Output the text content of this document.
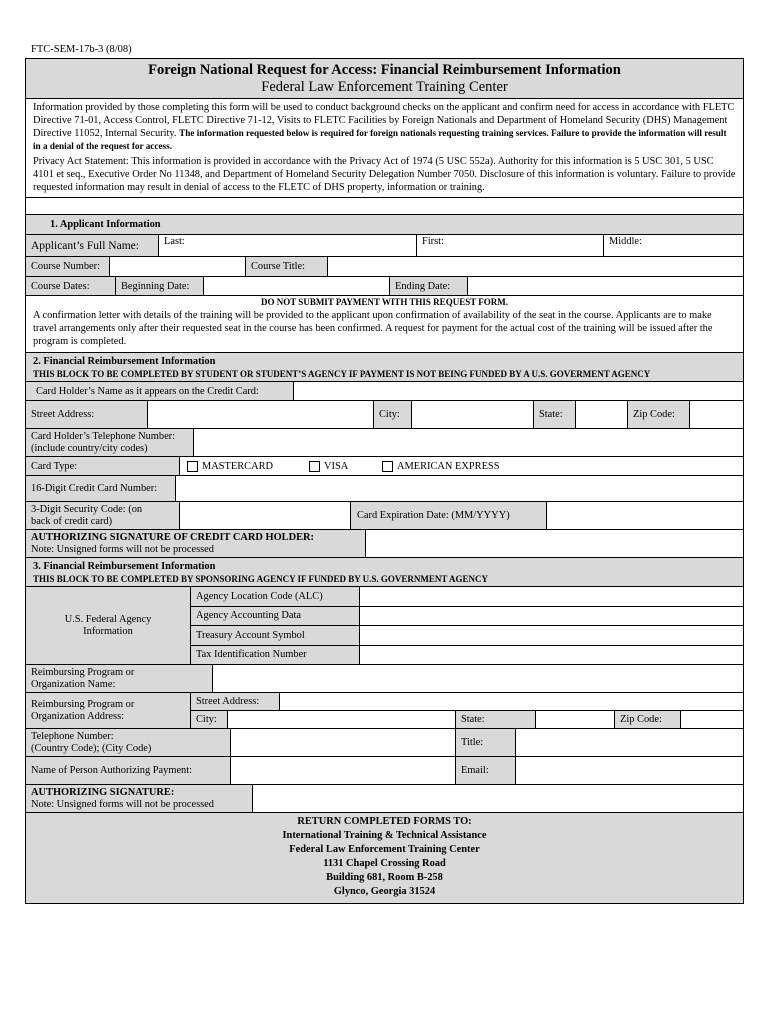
FTC-SEM-17b-3 (8/08)
Foreign National Request for Access: Financial Reimbursement Information
Federal Law Enforcement Training Center
Information provided by those completing this form will be used to conduct background checks on the applicant and confirm need for access in accordance with FLETC Directive 71-01, Access Control, FLETC Directive 71-12, Visits to FLETC Facilities by Foreign Nationals and Department of Homeland Security (DHS) Management Directive 11052, Internal Security. The information requested below is required for foreign nationals requesting training services. Failure to provide the information will result in a denial of the request for access.
Privacy Act Statement: This information is provided in accordance with the Privacy Act of 1974 (5 USC 552a). Authority for this information is 5 USC 301, 5 USC 4101 et seq., Executive Order No 11348, and Department of Homeland Security Delegation Number 7050. Disclosure of this information is voluntary. Failure to provide requested information may result in denial of access to the FLETC of DHS property, information or training.
1. Applicant Information
Applicant’s Full Name:	Last:	First:	Middle:
Course Number:	Course Title:
Course Dates:	Beginning Date:	Ending Date:
DO NOT SUBMIT PAYMENT WITH THIS REQUEST FORM.
A confirmation letter with details of the training will be provided to the applicant upon confirmation of availability of the seat in the course. Applicants are to make travel arrangements only after their requested seat in the course has been confirmed. A request for payment for the actual cost of the training will be issued after the program is completed.
2. Financial Reimbursement Information
THIS BLOCK TO BE COMPLETED BY STUDENT OR STUDENT’S AGENCY IF PAYMENT IS NOT BEING FUNDED BY A U.S. GOVERMENT AGENCY
Card Holder’s Name as it appears on the Credit Card:
Street Address:	City:	State:	Zip Code:
Card Holder’s Telephone Number:
(include country/city codes)
Card Type:	MASTERCARD	VISA	AMERICAN EXPRESS
16-Digit Credit Card Number:
3-Digit Security Code: (on
back of credit card)	Card Expiration Date: (MM/YYYY)
AUTHORIZING SIGNATURE OF CREDIT CARD HOLDER:
Note: Unsigned forms will not be processed
3. Financial Reimbursement Information
THIS BLOCK TO BE COMPLETED BY SPONSORING AGENCY IF FUNDED BY U.S. GOVERNMENT AGENCY
U.S. Federal Agency
Information
Agency Location Code (ALC)
Agency Accounting Data
Treasury Account Symbol
Tax Identification Number
Reimbursing Program or
Organization Name:
Reimbursing Program or
Organization Address:
Street Address:
City:	State:	Zip Code:
Telephone Number:
(Country Code); (City Code)	Title:
Name of Person Authorizing Payment:	Email:
AUTHORIZING SIGNATURE:
Note: Unsigned forms will not be processed
RETURN COMPLETED FORMS TO:
International Training & Technical Assistance
Federal Law Enforcement Training Center
1131 Chapel Crossing Road
Building 681, Room B-258
Glynco, Georgia 31524
